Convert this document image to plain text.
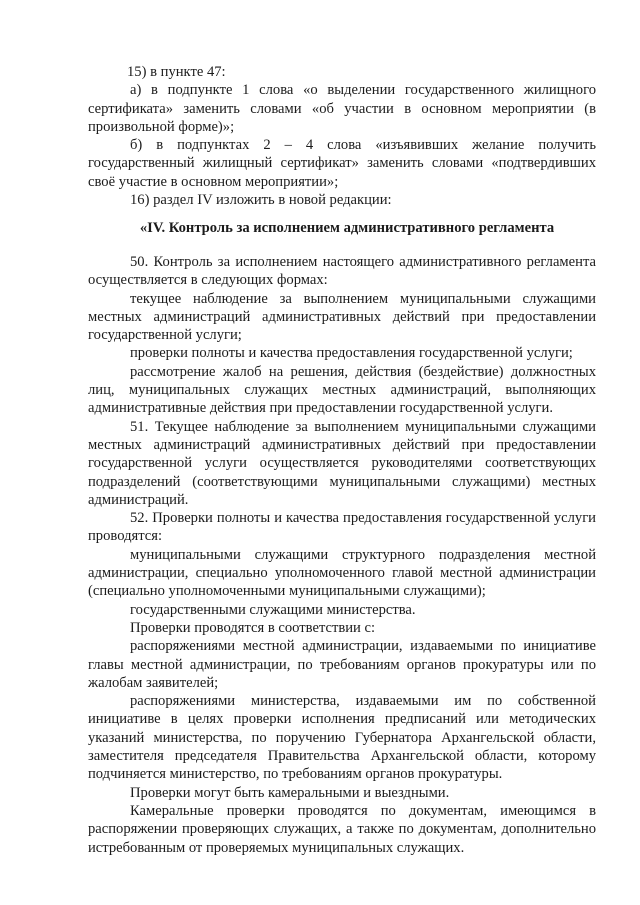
15) в пункте 47:

а) в подпункте 1 слова «о выделении государственного жилищного сертификата» заменить словами «об участии в основном мероприятии (в произвольной форме)»;

б) в подпунктах 2 – 4 слова «изъявивших желание получить государственный жилищный сертификат» заменить словами «подтвердивших своё участие в основном мероприятии»;

16) раздел IV изложить в новой редакции:

«IV. Контроль за исполнением административного регламента

50. Контроль за исполнением настоящего административного регламента осуществляется в следующих формах:

текущее наблюдение за выполнением муниципальными служащими местных администраций административных действий при предоставлении государственной услуги;

проверки полноты и качества предоставления государственной услуги;

рассмотрение жалоб на решения, действия (бездействие) должностных лиц, муниципальных служащих местных администраций, выполняющих административные действия при предоставлении государственной услуги.

51. Текущее наблюдение за выполнением муниципальными служащими местных администраций административных действий при предоставлении государственной услуги осуществляется руководителями соответствующих подразделений (соответствующими муниципальными служащими) местных администраций.

52. Проверки полноты и качества предоставления государственной услуги проводятся:

муниципальными служащими структурного подразделения местной администрации, специально уполномоченного главой местной администрации (специально уполномоченными муниципальными служащими);

государственными служащими министерства.

Проверки проводятся в соответствии с:

распоряжениями местной администрации, издаваемыми по инициативе главы местной администрации, по требованиям органов прокуратуры или по жалобам заявителей;

распоряжениями министерства, издаваемыми им по собственной инициативе в целях проверки исполнения предписаний или методических указаний министерства, по поручению Губернатора Архангельской области, заместителя председателя Правительства Архангельской области, которому подчиняется министерство, по требованиям органов прокуратуры.

Проверки могут быть камеральными и выездными.

Камеральные проверки проводятся по документам, имеющимся в распоряжении проверяющих служащих, а также по документам, дополнительно истребованным от проверяемых муниципальных служащих.
